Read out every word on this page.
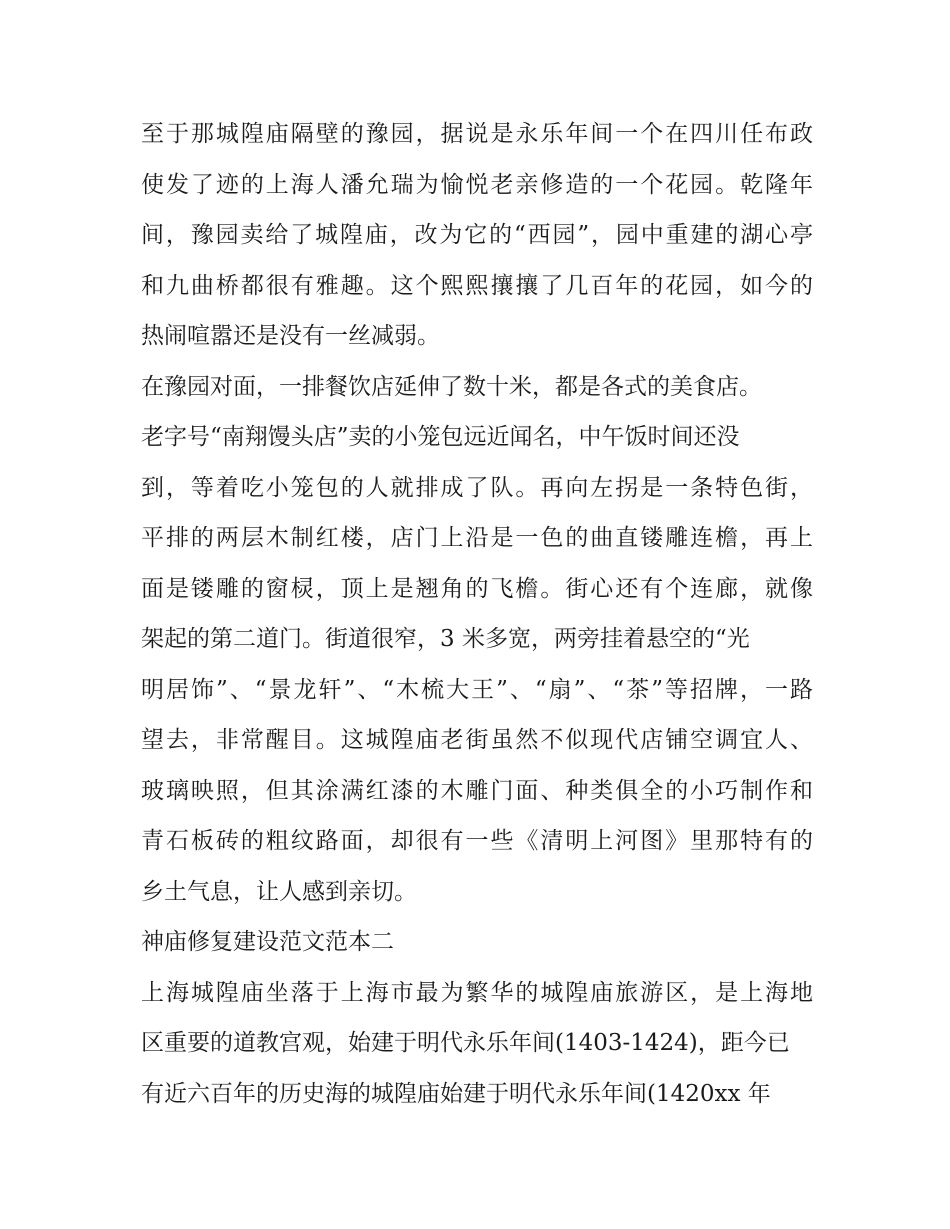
至于那城隍庙隔壁的豫园，据说是永乐年间一个在四川任布政
使发了迹的上海人潘允瑞为愉悦老亲修造的一个花园。乾隆年
间，豫园卖给了城隍庙，改为它的“西园”，园中重建的湖心亭
和九曲桥都很有雅趣。这个熙熙攘攘了几百年的花园，如今的
热闹喧嚣还是没有一丝减弱。
在豫园对面，一排餐饮店延伸了数十米，都是各式的美食店。
老字号“南翔馒头店”卖的小笼包远近闻名，中午饭时间还没
到，等着吃小笼包的人就排成了队。再向左拐是一条特色街，
平排的两层木制红楼，店门上沿是一色的曲直镂雕连檐，再上
面是镂雕的窗棂，顶上是翘角的飞檐。街心还有个连廊，就像
架起的第二道门。街道很窄，3 米多宽，两旁挂着悬空的“光
明居饰”、“景龙轩”、“木梳大王”、“扇”、“茶”等招牌，一路
望去，非常醒目。这城隍庙老街虽然不似现代店铺空调宜人、
玻璃映照，但其涂满红漆的木雕门面、种类俱全的小巧制作和
青石板砖的粗纹路面，却很有一些《清明上河图》里那特有的
乡土气息，让人感到亲切。
神庙修复建设范文范本二
上海城隍庙坐落于上海市最为繁华的城隍庙旅游区，是上海地
区重要的道教宫观，始建于明代永乐年间(1403-1424)，距今已
有近六百年的历史海的城隍庙始建于明代永乐年间(1420xx 年
